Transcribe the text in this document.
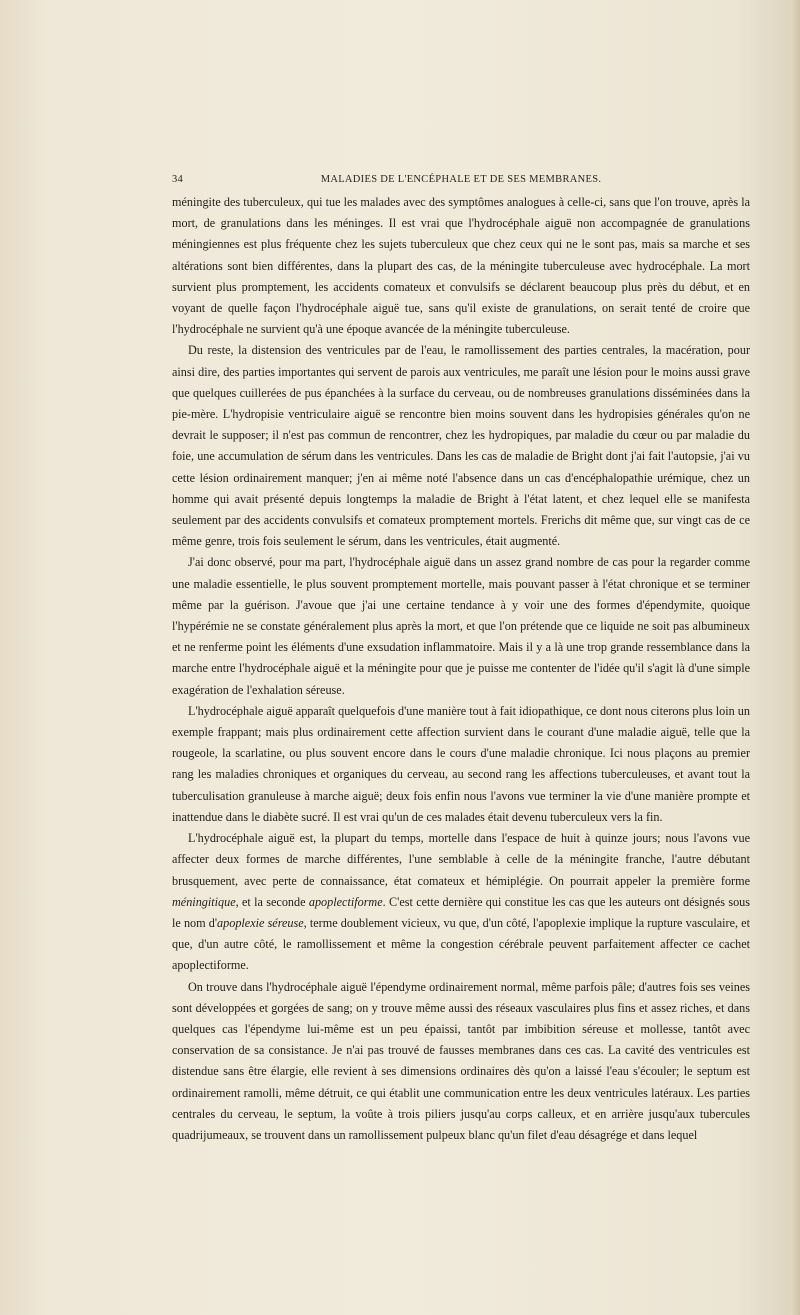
34	MALADIES DE L'ENCÉPHALE ET DE SES MEMBRANES.

méningite des tuberculeux, qui tue les malades avec des symptômes analogues à celle-ci, sans que l'on trouve, après la mort, de granulations dans les méninges. Il est vrai que l'hydrocéphale aiguë non accompagnée de granulations méningiennes est plus fréquente chez les sujets tuberculeux que chez ceux qui ne le sont pas, mais sa marche et ses altérations sont bien différentes, dans la plupart des cas, de la méningite tuberculeuse avec hydrocéphale. La mort survient plus promptement, les accidents comateux et convulsifs se déclarent beaucoup plus près du début, et en voyant de quelle façon l'hydrocéphale aiguë tue, sans qu'il existe de granulations, on serait tenté de croire que l'hydrocéphale ne survient qu'à une époque avancée de la méningite tuberculeuse.

Du reste, la distension des ventricules par de l'eau, le ramollissement des parties centrales, la macération, pour ainsi dire, des parties importantes qui servent de parois aux ventricules, me paraît une lésion pour le moins aussi grave que quelques cuillerées de pus épanchées à la surface du cerveau, ou de nombreuses granulations disséminées dans la pie-mère. L'hydropisie ventriculaire aiguë se rencontre bien moins souvent dans les hydropisies générales qu'on ne devrait le supposer; il n'est pas commun de rencontrer, chez les hydropiques, par maladie du cœur ou par maladie du foie, une accumulation de sérum dans les ventricules. Dans les cas de maladie de Bright dont j'ai fait l'autopsie, j'ai vu cette lésion ordinairement manquer; j'en ai même noté l'absence dans un cas d'encéphalopathie urémique, chez un homme qui avait présenté depuis longtemps la maladie de Bright à l'état latent, et chez lequel elle se manifesta seulement par des accidents convulsifs et comateux promptement mortels. Frerichs dit même que, sur vingt cas de ce même genre, trois fois seulement le sérum, dans les ventricules, était augmenté.

J'ai donc observé, pour ma part, l'hydrocéphale aiguë dans un assez grand nombre de cas pour la regarder comme une maladie essentielle, le plus souvent promptement mortelle, mais pouvant passer à l'état chronique et se terminer même par la guérison. J'avoue que j'ai une certaine tendance à y voir une des formes d'épendymite, quoique l'hypérémie ne se constate généralement plus après la mort, et que l'on prétende que ce liquide ne soit pas albumineux et ne renferme point les éléments d'une exsudation inflammatoire. Mais il y a là une trop grande ressemblance dans la marche entre l'hydrocéphale aiguë et la méningite pour que je puisse me contenter de l'idée qu'il s'agit là d'une simple exagération de l'exhalation séreuse.

L'hydrocéphale aiguë apparaît quelquefois d'une manière tout à fait idiopathique, ce dont nous citerons plus loin un exemple frappant; mais plus ordinairement cette affection survient dans le courant d'une maladie aiguë, telle que la rougeole, la scarlatine, ou plus souvent encore dans le cours d'une maladie chronique. Ici nous plaçons au premier rang les maladies chroniques et organiques du cerveau, au second rang les affections tuberculeuses, et avant tout la tuberculisation granuleuse à marche aiguë; deux fois enfin nous l'avons vue terminer la vie d'une manière prompte et inattendue dans le diabète sucré. Il est vrai qu'un de ces malades était devenu tuberculeux vers la fin.

L'hydrocéphale aiguë est, la plupart du temps, mortelle dans l'espace de huit à quinze jours; nous l'avons vue affecter deux formes de marche différentes, l'une semblable à celle de la méningite franche, l'autre débutant brusquement, avec perte de connaissance, état comateux et hémiplégie. On pourrait appeler la première forme méningitique, et la seconde apoplectiforme. C'est cette dernière qui constitue les cas que les auteurs ont désignés sous le nom d'apoplexie séreuse, terme doublement vicieux, vu que, d'un côté, l'apoplexie implique la rupture vasculaire, et que, d'un autre côté, le ramollissement et même la congestion cérébrale peuvent parfaitement affecter ce cachet apoplectiforme.

On trouve dans l'hydrocéphale aiguë l'épendyme ordinairement normal, même parfois pâle; d'autres fois ses veines sont développées et gorgées de sang; on y trouve même aussi des réseaux vasculaires plus fins et assez riches, et dans quelques cas l'épendyme lui-même est un peu épaissi, tantôt par imbibition séreuse et mollesse, tantôt avec conservation de sa consistance. Je n'ai pas trouvé de fausses membranes dans ces cas. La cavité des ventricules est distendue sans être élargie, elle revient à ses dimensions ordinaires dès qu'on a laissé l'eau s'écouler; le septum est ordinairement ramolli, même détruit, ce qui établit une communication entre les deux ventricules latéraux. Les parties centrales du cerveau, le septum, la voûte à trois piliers jusqu'au corps calleux, et en arrière jusqu'aux tubercules quadrijumeaux, se trouvent dans un ramollissement pulpeux blanc qu'un filet d'eau désagrége et dans lequel
